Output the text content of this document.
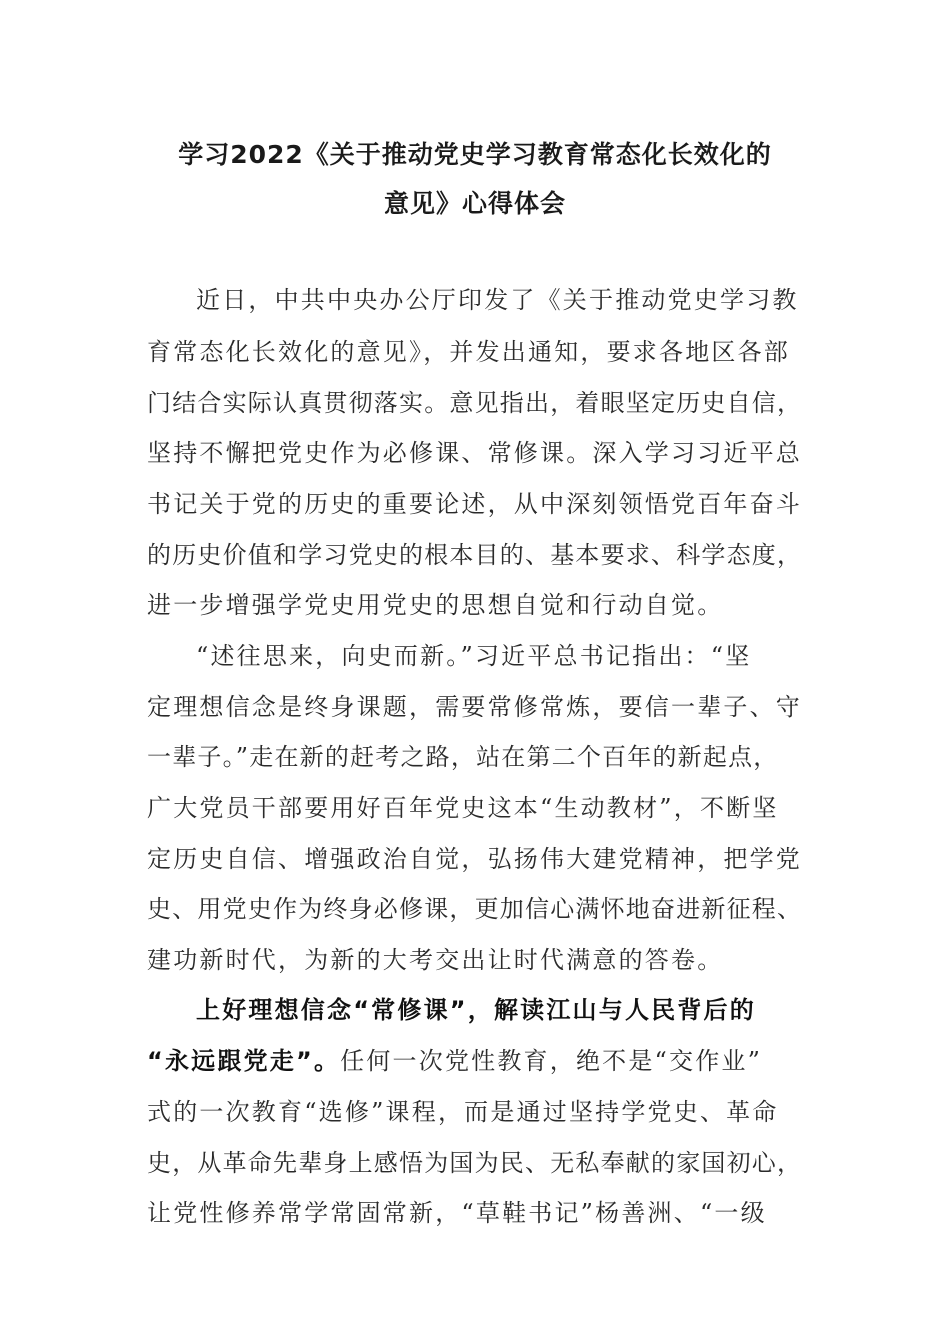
学习2022《关于推动党史学习教育常态化长效化的
意见》心得体会
近日，中共中央办公厅印发了《关于推动党史学习教
育常态化长效化的意见》，并发出通知，要求各地区各部
门结合实际认真贯彻落实。意见指出，着眼坚定历史自信，
坚持不懈把党史作为必修课、常修课。深入学习习近平总
书记关于党的历史的重要论述，从中深刻领悟党百年奋斗
的历史价值和学习党史的根本目的、基本要求、科学态度，
进一步增强学党史用党史的思想自觉和行动自觉。
“述往思来，向史而新。”习近平总书记指出：“坚
定理想信念是终身课题，需要常修常炼，要信一辈子、守
一辈子。”走在新的赶考之路，站在第二个百年的新起点，
广大党员干部要用好百年党史这本“生动教材”，不断坚
定历史自信、增强政治自觉，弘扬伟大建党精神，把学党
史、用党史作为终身必修课，更加信心满怀地奋进新征程、
建功新时代，为新的大考交出让时代满意的答卷。
上好理想信念“常修课”，解读江山与人民背后的
“永远跟党走”。任何一次党性教育，绝不是“交作业”
式的一次教育“选修”课程，而是通过坚持学党史、革命
史，从革命先辈身上感悟为国为民、无私奉献的家国初心，
让党性修养常学常固常新，“草鞋书记”杨善洲、“一级
